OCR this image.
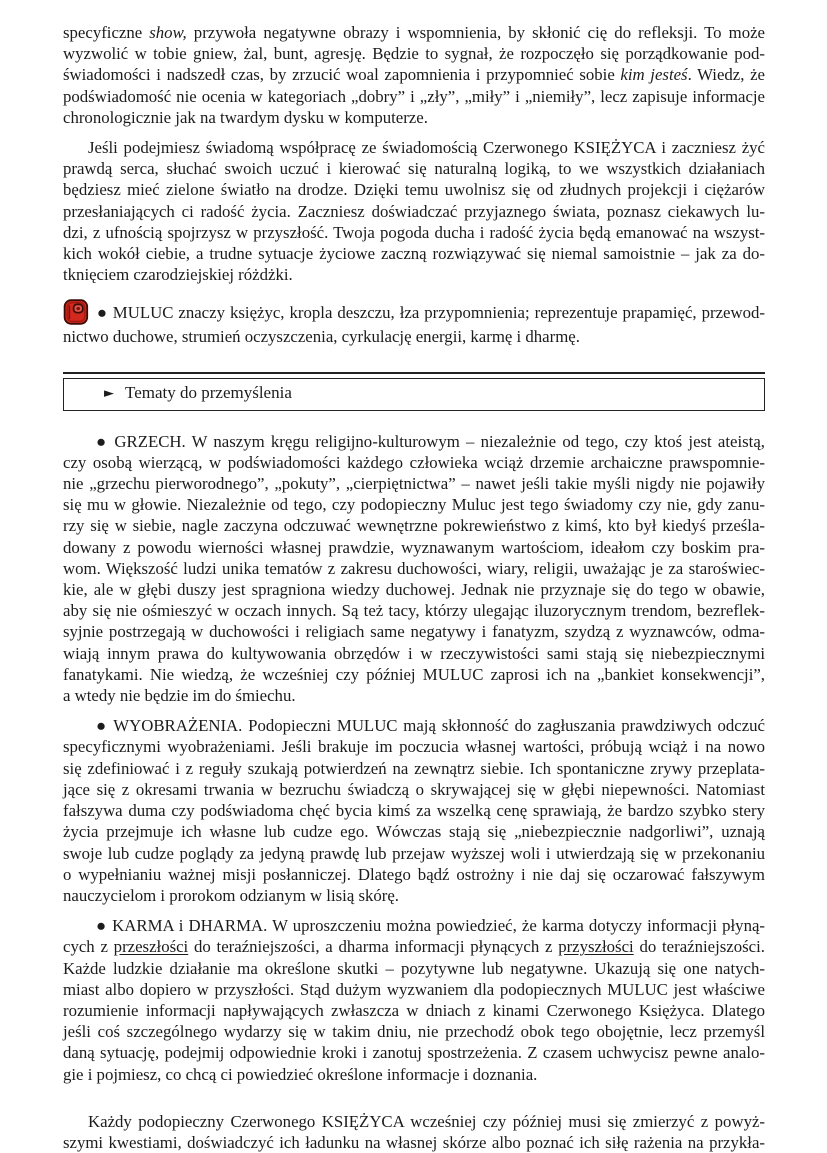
specyficzne show, przywoła negatywne obrazy i wspomnienia, by skłonić cię do refleksji. To może
wyzwolić w tobie gniew, żal, bunt, agresję. Będzie to sygnał, że rozpoczęło się porządkowanie pod-
świadomości i nadszedł czas, by zrzucić woal zapomnienia i przypomnieć sobie kim jesteś. Wiedz, że
podświadomość nie ocenia w kategoriach „dobry” i „zły”, „miły” i „niemiły”, lecz zapisuje informacje
chronologicznie jak na twardym dysku w komputerze.

Jeśli podejmiesz świadomą współpracę ze świadomością Czerwonego KSIĘŻYCA i zaczniesz żyć
prawdą serca, słuchać swoich uczuć i kierować się naturalną logiką, to we wszystkich działaniach
będziesz mieć zielone światło na drodze. Dzięki temu uwolnisz się od złudnych projekcji i ciężarów
przesłaniających ci radość życia. Zaczniesz doświadczać przyjaznego świata, poznasz ciekawych lu-
dzi, z ufnością spojrzysz w przyszłość. Twoja pogoda ducha i radość życia będą emanować na wszyst-
kich wokół ciebie, a trudne sytuacje życiowe zaczną rozwiązywać się niemal samoistnie – jak za do-
tknięciem czarodziejskiej różdżki.

● MULUC znaczy księżyc, kropla deszczu, łza przypomnienia; reprezentuje prapamięć, przewod-
nictwo duchowe, strumień oczyszczenia, cyrkulację energii, karmę i dharmę.

► Tematy do przemyślenia

● GRZECH. W naszym kręgu religijno-kulturowym – niezależnie od tego, czy ktoś jest ateistą,
czy osobą wierzącą, w podświadomości każdego człowieka wciąż drzemie archaiczne prawspomnie-
nie „grzechu pierworodnego”, „pokuty”, „cierpiętnictwa” – nawet jeśli takie myśli nigdy nie pojawiły
się mu w głowie. Niezależnie od tego, czy podopieczny Muluc jest tego świadomy czy nie, gdy zanu-
rzy się w siebie, nagle zaczyna odczuwać wewnętrzne pokrewieństwo z kimś, kto był kiedyś prześla-
dowany z powodu wierności własnej prawdzie, wyznawanym wartościom, ideałom czy boskim pra-
wom. Większość ludzi unika tematów z zakresu duchowości, wiary, religii, uważając je za staroświec-
kie, ale w głębi duszy jest spragniona wiedzy duchowej. Jednak nie przyznaje się do tego w obawie,
aby się nie ośmieszyć w oczach innych. Są też tacy, którzy ulegając iluzorycznym trendom, bezreflek-
syjnie postrzegają w duchowości i religiach same negatywy i fanatyzm, szydzą z wyznawców, odma-
wiają innym prawa do kultywowania obrzędów i w rzeczywistości sami stają się niebezpiecznymi
fanatykami. Nie wiedzą, że wcześniej czy później MULUC zaprosi ich na „bankiet konsekwencji”,
a wtedy nie będzie im do śmiechu.

● WYOBRAŻENIA. Podopieczni MULUC mają skłonność do zagłuszania prawdziwych odczuć
specyficznymi wyobrażeniami. Jeśli brakuje im poczucia własnej wartości, próbują wciąż i na nowo
się zdefiniować i z reguły szukają potwierdzeń na zewnątrz siebie. Ich spontaniczne zrywy przeplata-
jące się z okresami trwania w bezruchu świadczą o skrywającej się w głębi niepewności. Natomiast
fałszywa duma czy podświadoma chęć bycia kimś za wszelką cenę sprawiają, że bardzo szybko stery
życia przejmuje ich własne lub cudze ego. Wówczas stają się „niebezpiecznie nadgorliwi”, uznają
swoje lub cudze poglądy za jedyną prawdę lub przejaw wyższej woli i utwierdzają się w przekonaniu
o wypełnianiu ważnej misji posłanniczej. Dlatego bądź ostrożny i nie daj się oczarować fałszywym
nauczycielom i prorokom odzianym w lisią skórę.

● KARMA i DHARMA. W uproszczeniu można powiedzieć, że karma dotyczy informacji płyną-
cych z przeszłości do teraźniejszości, a dharma informacji płynących z przyszłości do teraźniejszości.
Każde ludzkie działanie ma określone skutki – pozytywne lub negatywne. Ukazują się one natych-
miast albo dopiero w przyszłości. Stąd dużym wyzwaniem dla podopiecznych MULUC jest właściwe
rozumienie informacji napływających zwłaszcza w dniach z kinami Czerwonego Księżyca. Dlatego
jeśli coś szczególnego wydarzy się w takim dniu, nie przechodź obok tego obojętnie, lecz przemyśl
daną sytuację, podejmij odpowiednie kroki i zanotuj spostrzeżenia. Z czasem uchwycisz pewne analo-
gie i pojmiesz, co chcą ci powiedzieć określone informacje i doznania.

Każdy podopieczny Czerwonego KSIĘŻYCA wcześniej czy później musi się zmierzyć z powyż-
szymi kwestiami, doświadczyć ich ładunku na własnej skórze albo poznać ich siłę rażenia na przykła-
